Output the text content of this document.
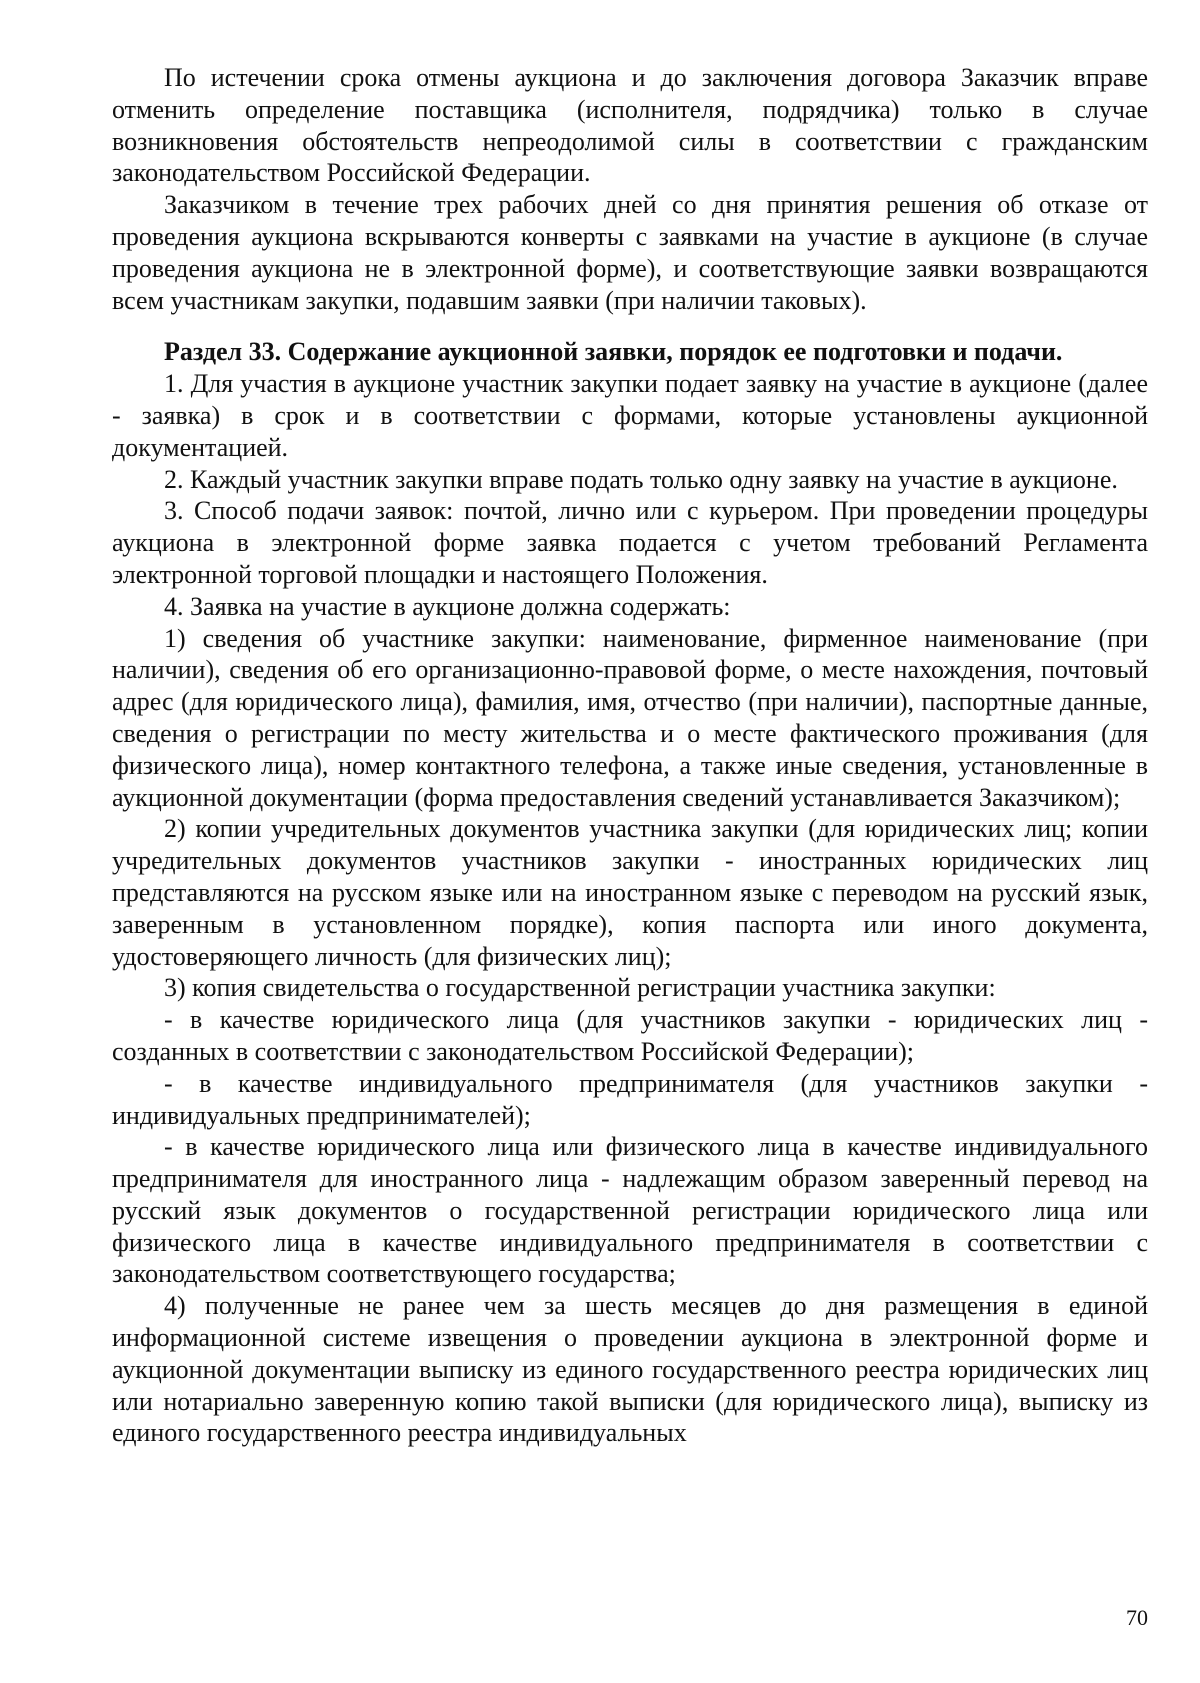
По истечении срока отмены аукциона и до заключения договора Заказчик вправе отменить определение поставщика (исполнителя, подрядчика) только в случае возникновения обстоятельств непреодолимой силы в соответствии с гражданским законодательством Российской Федерации.

Заказчиком в течение трех рабочих дней со дня принятия решения об отказе от проведения аукциона вскрываются конверты с заявками на участие в аукционе (в случае проведения аукциона не в электронной форме), и соответствующие заявки возвращаются всем участникам закупки, подавшим заявки (при наличии таковых).

Раздел 33. Содержание аукционной заявки, порядок ее подготовки и подачи.

1. Для участия в аукционе участник закупки подает заявку на участие в аукционе (далее - заявка) в срок и в соответствии с формами, которые установлены аукционной документацией.

2. Каждый участник закупки вправе подать только одну заявку на участие в аукционе.

3. Способ подачи заявок: почтой, лично или с курьером. При проведении процедуры аукциона в электронной форме заявка подается с учетом требований Регламента электронной торговой площадки и настоящего Положения.

4. Заявка на участие в аукционе должна содержать:

1) сведения об участнике закупки: наименование, фирменное наименование (при наличии), сведения об его организационно-правовой форме, о месте нахождения, почтовый адрес (для юридического лица), фамилия, имя, отчество (при наличии), паспортные данные, сведения о регистрации по месту жительства и о месте фактического проживания (для физического лица), номер контактного телефона, а также иные сведения, установленные в аукционной документации (форма предоставления сведений устанавливается Заказчиком);

2) копии учредительных документов участника закупки (для юридических лиц; копии учредительных документов участников закупки - иностранных юридических лиц представляются на русском языке или на иностранном языке с переводом на русский язык, заверенным в установленном порядке), копия паспорта или иного документа, удостоверяющего личность (для физических лиц);

3) копия свидетельства о государственной регистрации участника закупки:

- в качестве юридического лица (для участников закупки - юридических лиц - созданных в соответствии с законодательством Российской Федерации);

- в качестве индивидуального предпринимателя (для участников закупки - индивидуальных предпринимателей);

- в качестве юридического лица или физического лица в качестве индивидуального предпринимателя для иностранного лица - надлежащим образом заверенный перевод на русский язык документов о государственной регистрации юридического лица или физического лица в качестве индивидуального предпринимателя в соответствии с законодательством соответствующего государства;

4) полученные не ранее чем за шесть месяцев до дня размещения в единой информационной системе извещения о проведении аукциона в электронной форме и аукционной документации выписку из единого государственного реестра юридических лиц или нотариально заверенную копию такой выписки (для юридического лица), выписку из единого государственного реестра индивидуальных

70
